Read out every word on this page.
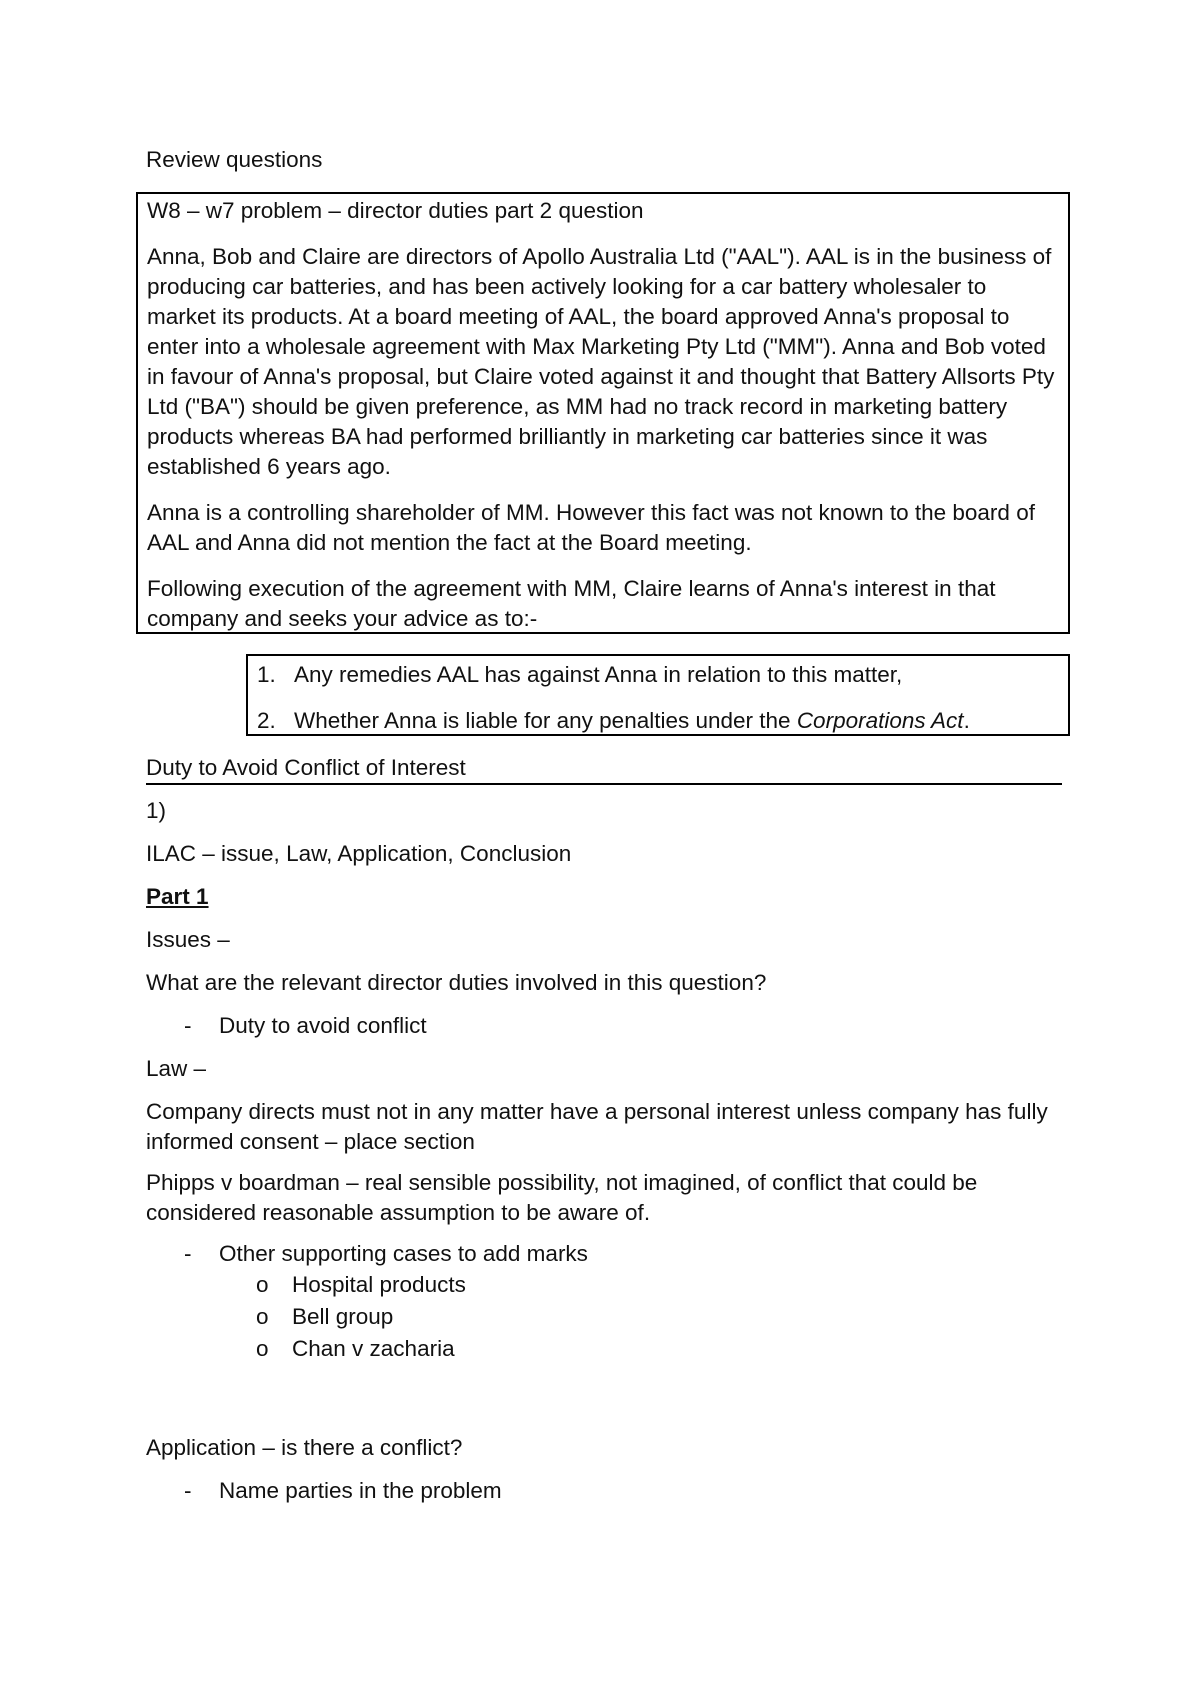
Review questions

W8 – w7 problem – director duties part 2 question

Anna, Bob and Claire are directors of Apollo Australia Ltd ("AAL"). AAL is in the business of producing car batteries, and has been actively looking for a car battery wholesaler to market its products. At a board meeting of AAL, the board approved Anna's proposal to enter into a wholesale agreement with Max Marketing Pty Ltd ("MM"). Anna and Bob voted in favour of Anna's proposal, but Claire voted against it and thought that Battery Allsorts Pty Ltd ("BA") should be given preference, as MM had no track record in marketing battery products whereas BA had performed brilliantly in marketing car batteries since it was established 6 years ago.

Anna is a controlling shareholder of MM. However this fact was not known to the board of AAL and Anna did not mention the fact at the Board meeting.

Following execution of the agreement with MM, Claire learns of Anna's interest in that company and seeks your advice as to:-

1. Any remedies AAL has against Anna in relation to this matter,
2. Whether Anna is liable for any penalties under the Corporations Act.
Duty to Avoid Conflict of Interest

1)

ILAC – issue, Law, Application, Conclusion

Part 1

Issues –

What are the relevant director duties involved in this question?

-	Duty to avoid conflict

Law –

Company directs must not in any matter have a personal interest unless company has fully informed consent – place section

Phipps v boardman – real sensible possibility, not imagined, of conflict that could be considered reasonable assumption to be aware of.

-	Other supporting cases to add marks
o	Hospital products
o	Bell group
o	Chan v zacharia

Application – is there a conflict?

-	Name parties in the problem
